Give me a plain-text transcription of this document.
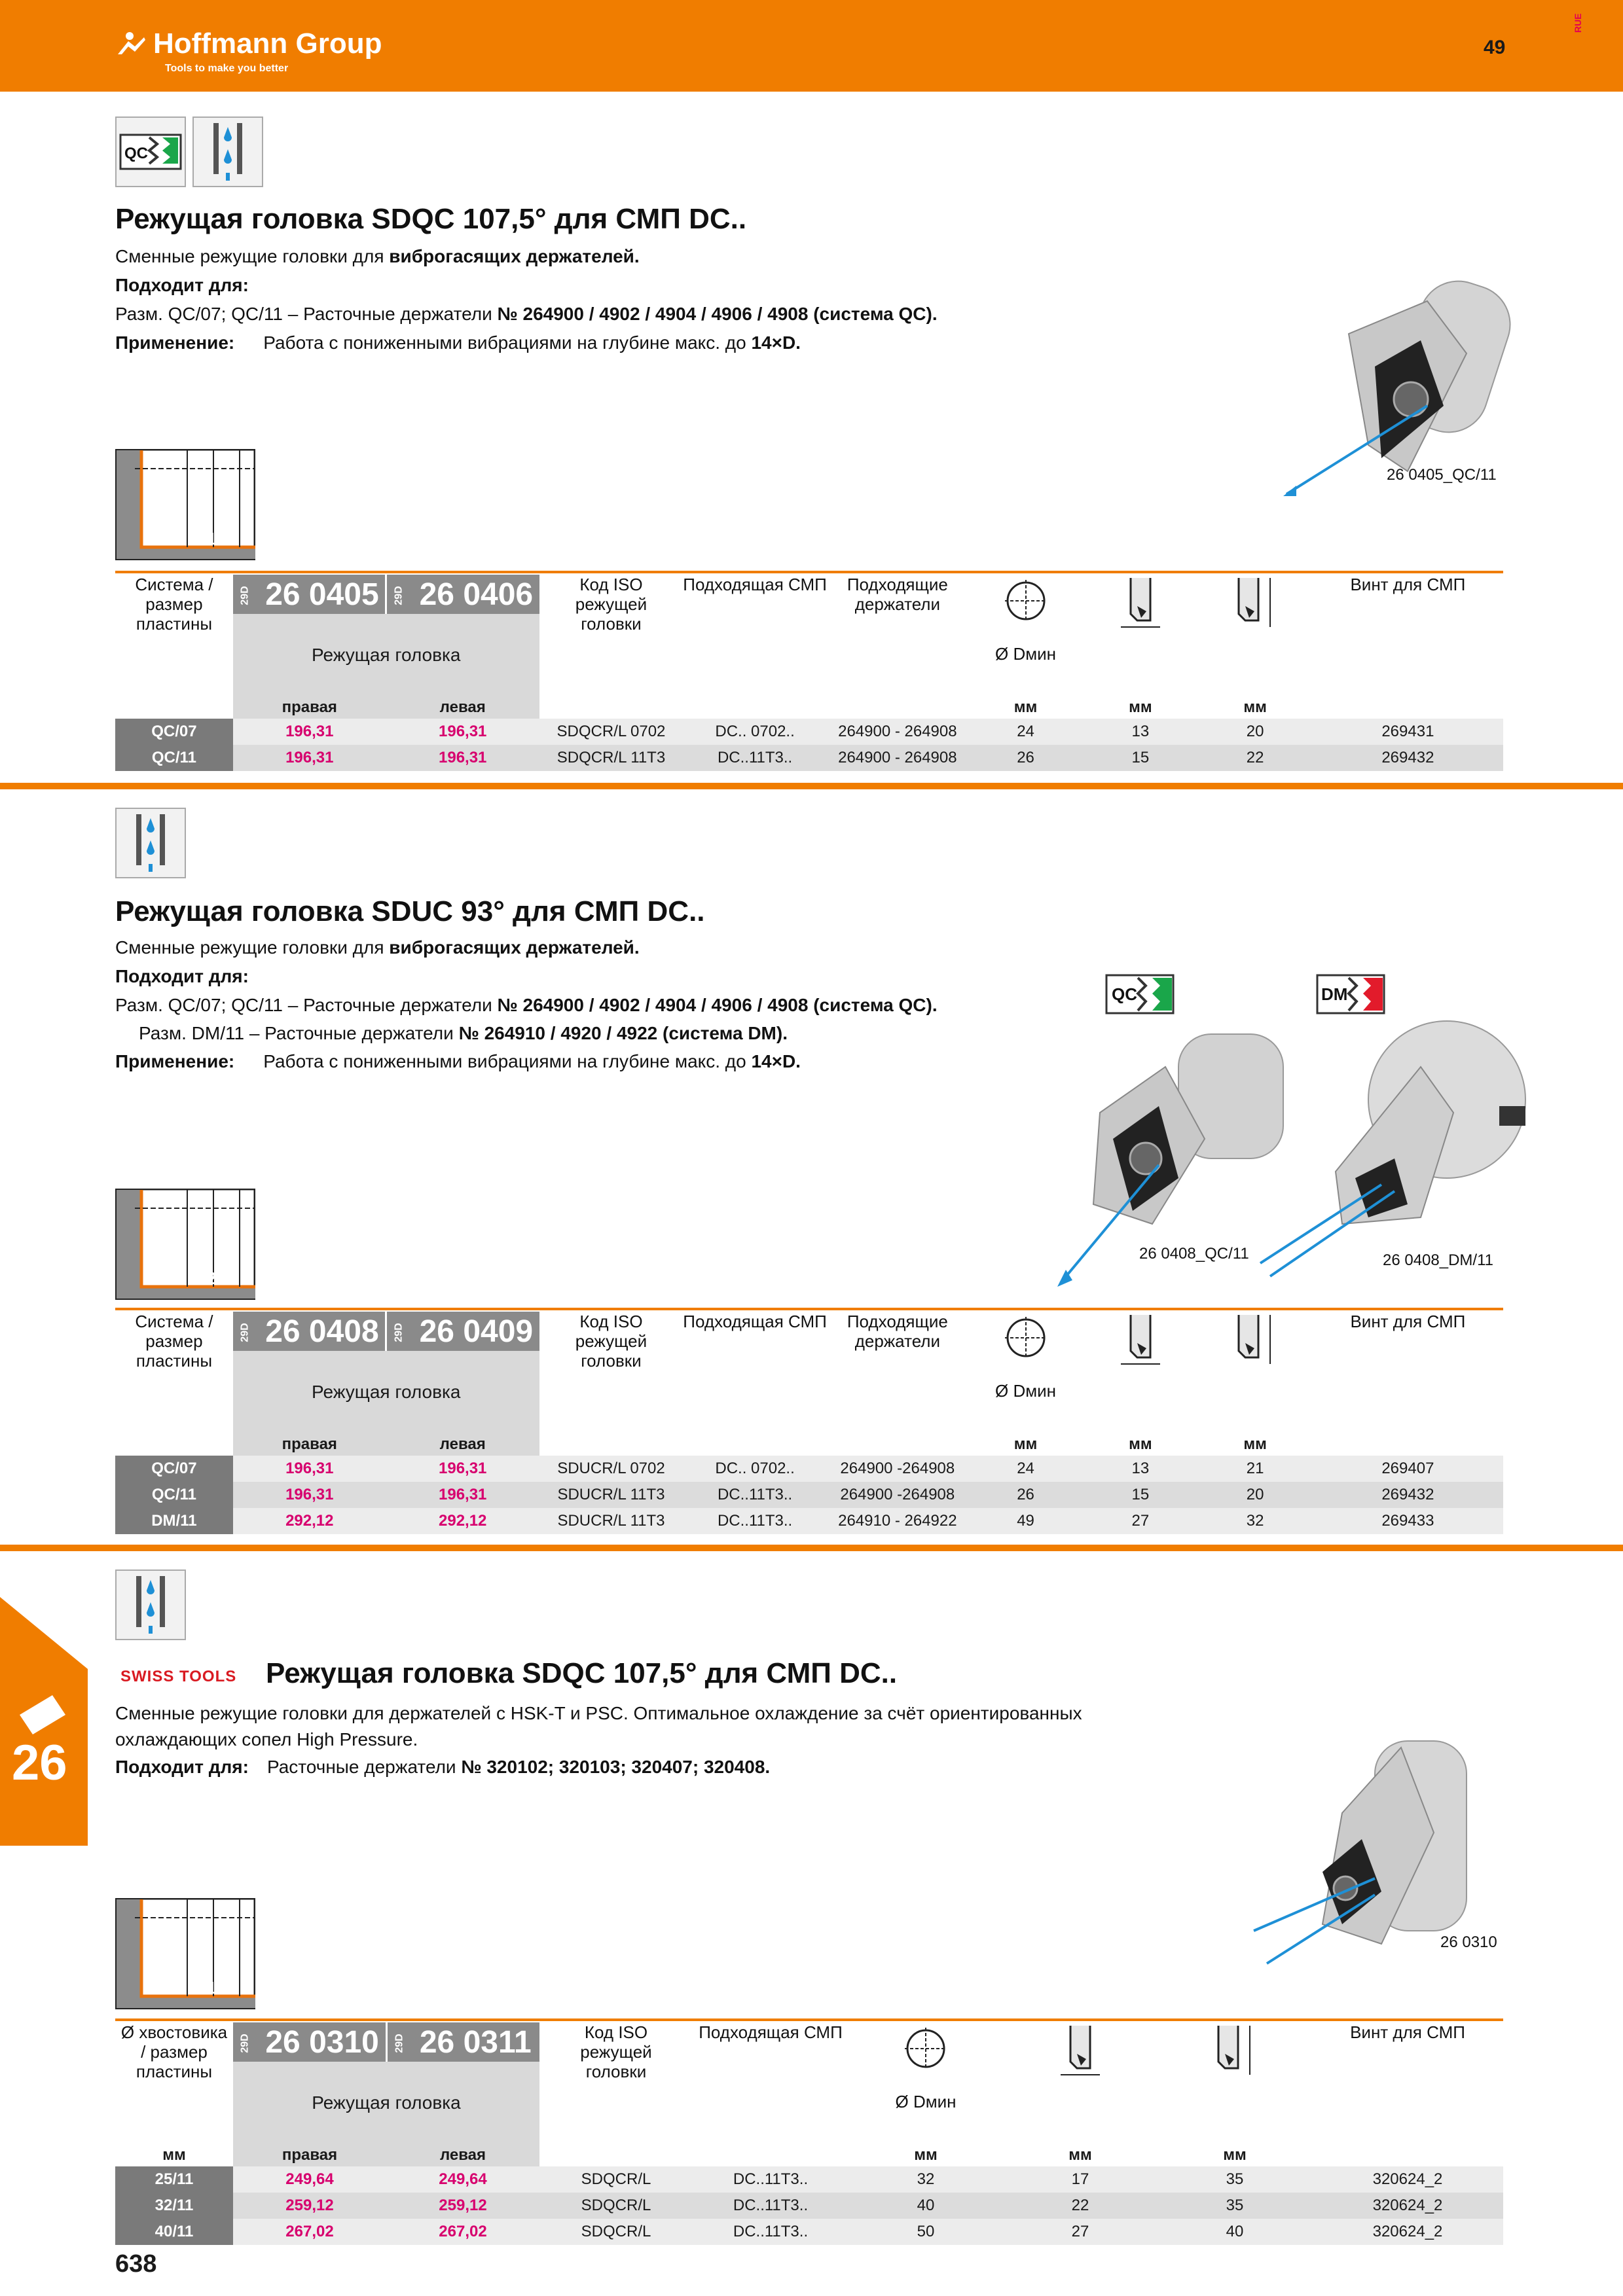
Hoffmann Group
Tools to make you better
49
RUE
QC
Режущая головка SDQC 107,5° для СМП DC..
Сменные режущие головки для виброгасящих держателей.
Подходит для:
Разм. QC/07; QC/11 – Расточные держатели № 264900 / 4902 / 4904 / 4906 / 4908 (система QC).
Применение: Работа с пониженными вибрациями на глубине макс. до 14×D.
26 0405_QC/11
15°
Система / размер пластины	29D 26 0405	29D 26 0406	Код ISO режущей головки	Подходящая СМП	Подходящие держатели	Ø Dмин			Винт для СМП
	Режущая головка								
	правая	левая				мм	мм	мм	
QC/07	196,31	196,31	SDQCR/L 0702	DC.. 0702..	264900 - 264908	24	13	20	269431
QC/11	196,31	196,31	SDQCR/L 11T3	DC..11T3..	264900 - 264908	26	15	22	269432
Режущая головка SDUC 93° для СМП DC..
Сменные режущие головки для виброгасящих держателей.
Подходит для:
Разм. QC/07; QC/11 – Расточные держатели № 264900 / 4902 / 4904 / 4906 / 4908 (система QC).
Разм. DM/11 – Расточные держатели № 264910 / 4920 / 4922 (система DM).
Применение: Работа с пониженными вибрациями на глубине макс. до 14×D.
QC	DM
26 0408_QC/11	26 0408_DM/11
27°
Система / размер пластины	29D 26 0408	29D 26 0409	Код ISO режущей головки	Подходящая СМП	Подходящие держатели	Ø Dмин			Винт для СМП
	Режущая головка								
	правая	левая				мм	мм	мм	
QC/07	196,31	196,31	SDUCR/L 0702	DC.. 0702..	264900 -264908	24	13	21	269407
QC/11	196,31	196,31	SDUCR/L 11T3	DC..11T3..	264900 -264908	26	15	20	269432
DM/11	292,12	292,12	SDUCR/L 11T3	DC..11T3..	264910 - 264922	49	27	32	269433
26
SWISS TOOLS Режущая головка SDQC 107,5° для СМП DC..
Сменные режущие головки для держателей с HSK-T и PSC. Оптимальное охлаждение за счёт ориентированных
охлаждающих сопел High Pressure.
Подходит для: Расточные держатели № 320102; 320103; 320407; 320408.
26 0310
15°
Ø хвостовика / размер пластины	29D 26 0310	29D 26 0311	Код ISO режущей головки	Подходящая СМП	Ø Dмин			Винт для СМП
	Режущая головка							
мм	правая	левая			мм	мм	мм	
25/11	249,64	249,64	SDQCR/L	DC..11T3..	32	17	35	320624_2
32/11	259,12	259,12	SDQCR/L	DC..11T3..	40	22	35	320624_2
40/11	267,02	267,02	SDQCR/L	DC..11T3..	50	27	40	320624_2
638
